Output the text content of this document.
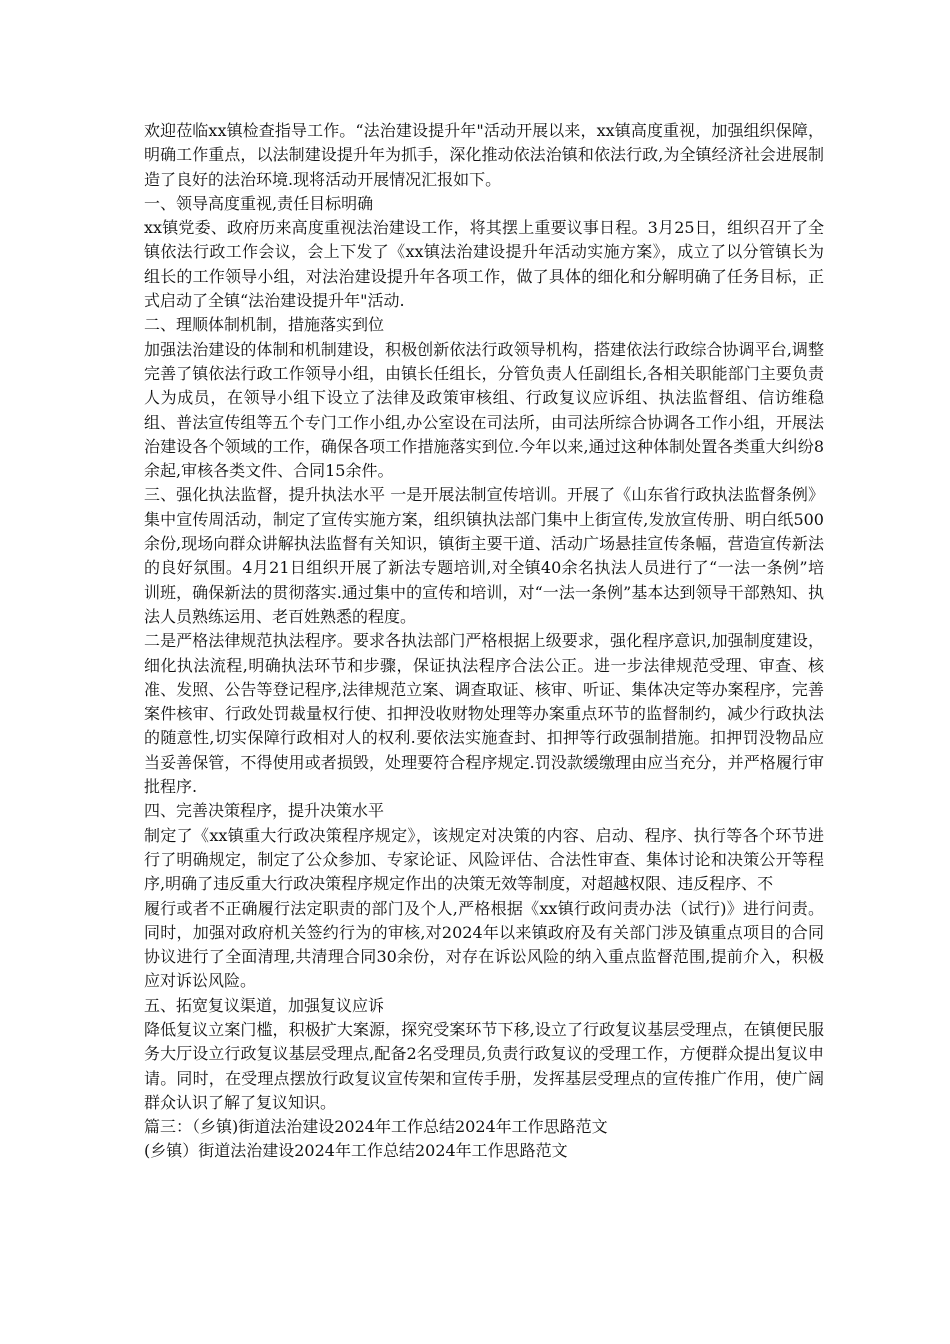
欢迎莅临xx镇检查指导工作。“法治建设提升年"活动开展以来，xx镇高度重视，加强组织保障，明确工作重点，以法制建设提升年为抓手，深化推动依法治镇和依法行政,为全镇经济社会进展制造了良好的法治环境.现将活动开展情况汇报如下。

一、领导高度重视,责任目标明确

xx镇党委、政府历来高度重视法治建设工作，将其摆上重要议事日程。3月25日，组织召开了全镇依法行政工作会议，会上下发了《xx镇法治建设提升年活动实施方案》，成立了以分管镇长为组长的工作领导小组，对法治建设提升年各项工作，做了具体的细化和分解明确了任务目标，正式启动了全镇“法治建设提升年"活动.

二、理顺体制机制，措施落实到位

加强法治建设的体制和机制建设，积极创新依法行政领导机构，搭建依法行政综合协调平台,调整完善了镇依法行政工作领导小组，由镇长任组长，分管负责人任副组长,各相关职能部门主要负责人为成员，在领导小组下设立了法律及政策审核组、行政复议应诉组、执法监督组、信访维稳组、普法宣传组等五个专门工作小组,办公室设在司法所，由司法所综合协调各工作小组，开展法治建设各个领域的工作，确保各项工作措施落实到位.今年以来,通过这种体制处置各类重大纠纷8余起,审核各类文件、合同15余件。

三、强化执法监督，提升执法水平 一是开展法制宣传培训。开展了《山东省行政执法监督条例》集中宣传周活动，制定了宣传实施方案，组织镇执法部门集中上街宣传,发放宣传册、明白纸500余份,现场向群众讲解执法监督有关知识，镇街主要干道、活动广场悬挂宣传条幅，营造宣传新法的良好氛围。4月21日组织开展了新法专题培训,对全镇40余名执法人员进行了“一法一条例”培训班，确保新法的贯彻落实.通过集中的宣传和培训，对“一法一条例”基本达到领导干部熟知、执法人员熟练运用、老百姓熟悉的程度。

二是严格法律规范执法程序。要求各执法部门严格根据上级要求，强化程序意识,加强制度建设，细化执法流程,明确执法环节和步骤，保证执法程序合法公正。进一步法律规范受理、审查、核准、发照、公告等登记程序,法律规范立案、调查取证、核审、听证、集体决定等办案程序，完善案件核审、行政处罚裁量权行使、扣押没收财物处理等办案重点环节的监督制约，减少行政执法的随意性,切实保障行政相对人的权利.要依法实施查封、扣押等行政强制措施。扣押罚没物品应当妥善保管，不得使用或者损毁，处理要符合程序规定.罚没款缓缴理由应当充分，并严格履行审批程序.

四、完善决策程序，提升决策水平

制定了《xx镇重大行政决策程序规定》，该规定对决策的内容、启动、程序、执行等各个环节进行了明确规定，制定了公众参加、专家论证、风险评估、合法性审查、集体讨论和决策公开等程序,明确了违反重大行政决策程序规定作出的决策无效等制度，对超越权限、违反程序、不

履行或者不正确履行法定职责的部门及个人,严格根据《xx镇行政问责办法（试行)》进行问责。同时，加强对政府机关签约行为的审核,对2024年以来镇政府及有关部门涉及镇重点项目的合同协议进行了全面清理,共清理合同30余份，对存在诉讼风险的纳入重点监督范围,提前介入，积极应对诉讼风险。

五、拓宽复议渠道，加强复议应诉

降低复议立案门槛，积极扩大案源，探究受案环节下移,设立了行政复议基层受理点，在镇便民服务大厅设立行政复议基层受理点,配备2名受理员,负责行政复议的受理工作，方便群众提出复议申请。同时，在受理点摆放行政复议宣传架和宣传手册，发挥基层受理点的宣传推广作用，使广阔群众认识了解了复议知识。

篇三：（乡镇)街道法治建设2024年工作总结2024年工作思路范文

(乡镇）街道法治建设2024年工作总结2024年工作思路范文
